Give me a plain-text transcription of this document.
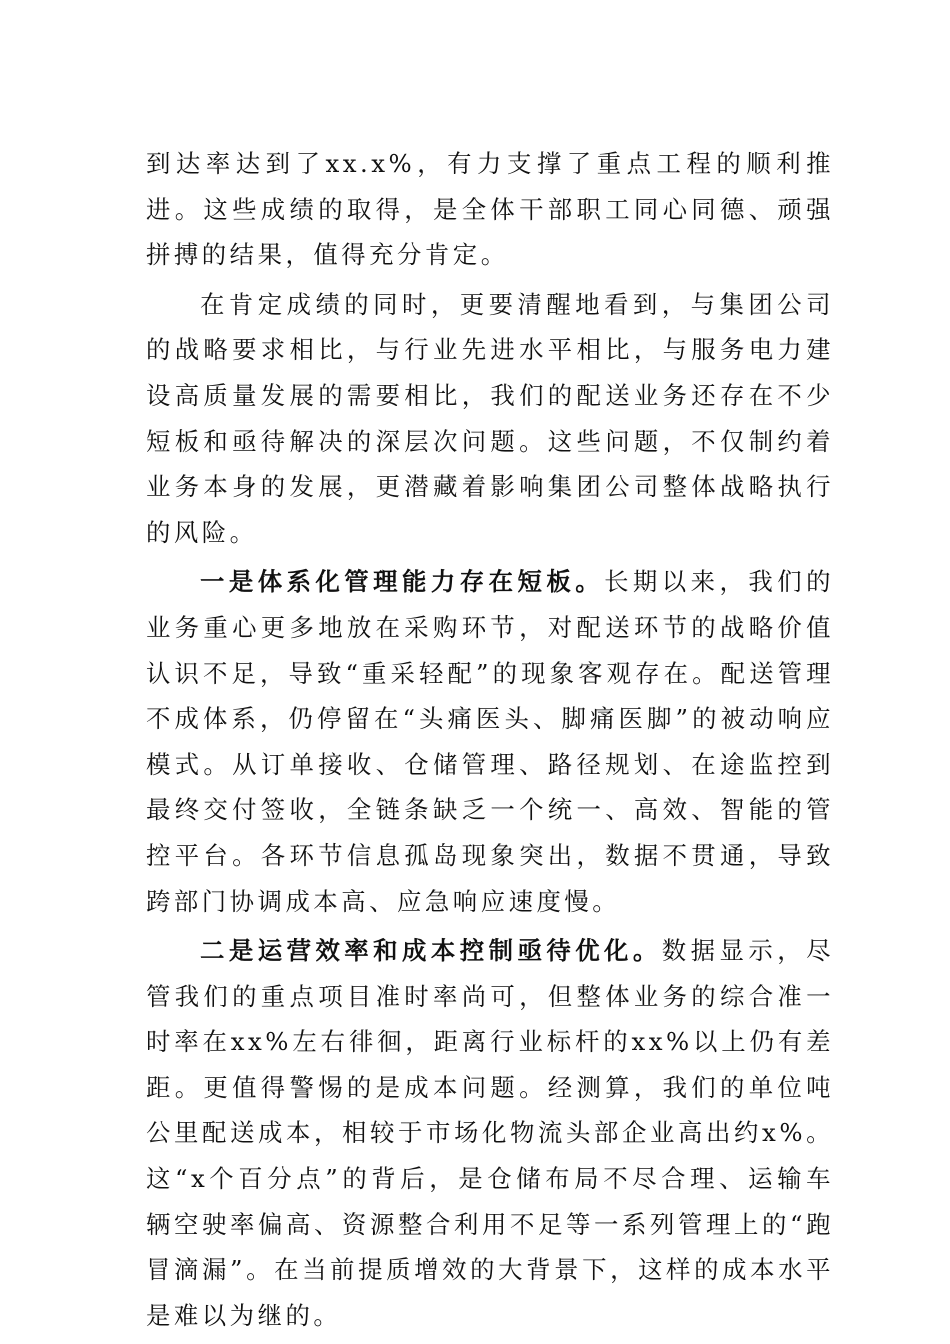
到达率达到了xx.x%，有力支撑了重点工程的顺利推进。这些成绩的取得，是全体干部职工同心同德、顽强拼搏的结果，值得充分肯定。

在肯定成绩的同时，更要清醒地看到，与集团公司的战略要求相比，与行业先进水平相比，与服务电力建设高质量发展的需要相比，我们的配送业务还存在不少短板和亟待解决的深层次问题。这些问题，不仅制约着业务本身的发展，更潜藏着影响集团公司整体战略执行的风险。

一是体系化管理能力存在短板。长期以来，我们的业务重心更多地放在采购环节，对配送环节的战略价值认识不足，导致“重采轻配”的现象客观存在。配送管理不成体系，仍停留在“头痛医头、脚痛医脚”的被动响应模式。从订单接收、仓储管理、路径规划、在途监控到最终交付签收，全链条缺乏一个统一、高效、智能的管控平台。各环节信息孤岛现象突出，数据不贯通，导致跨部门协调成本高、应急响应速度慢。

二是运营效率和成本控制亟待优化。数据显示，尽管我们的重点项目准时率尚可，但整体业务的综合准一时率在xx%左右徘徊，距离行业标杆的xx%以上仍有差距。更值得警惕的是成本问题。经测算，我们的单位吨公里配送成本，相较于市场化物流头部企业高出约x%。这“x个百分点”的背后，是仓储布局不尽合理、运输车辆空驶率偏高、资源整合利用不足等一系列管理上的“跑冒滴漏”。在当前提质增效的大背景下，这样的成本水平是难以为继的。
